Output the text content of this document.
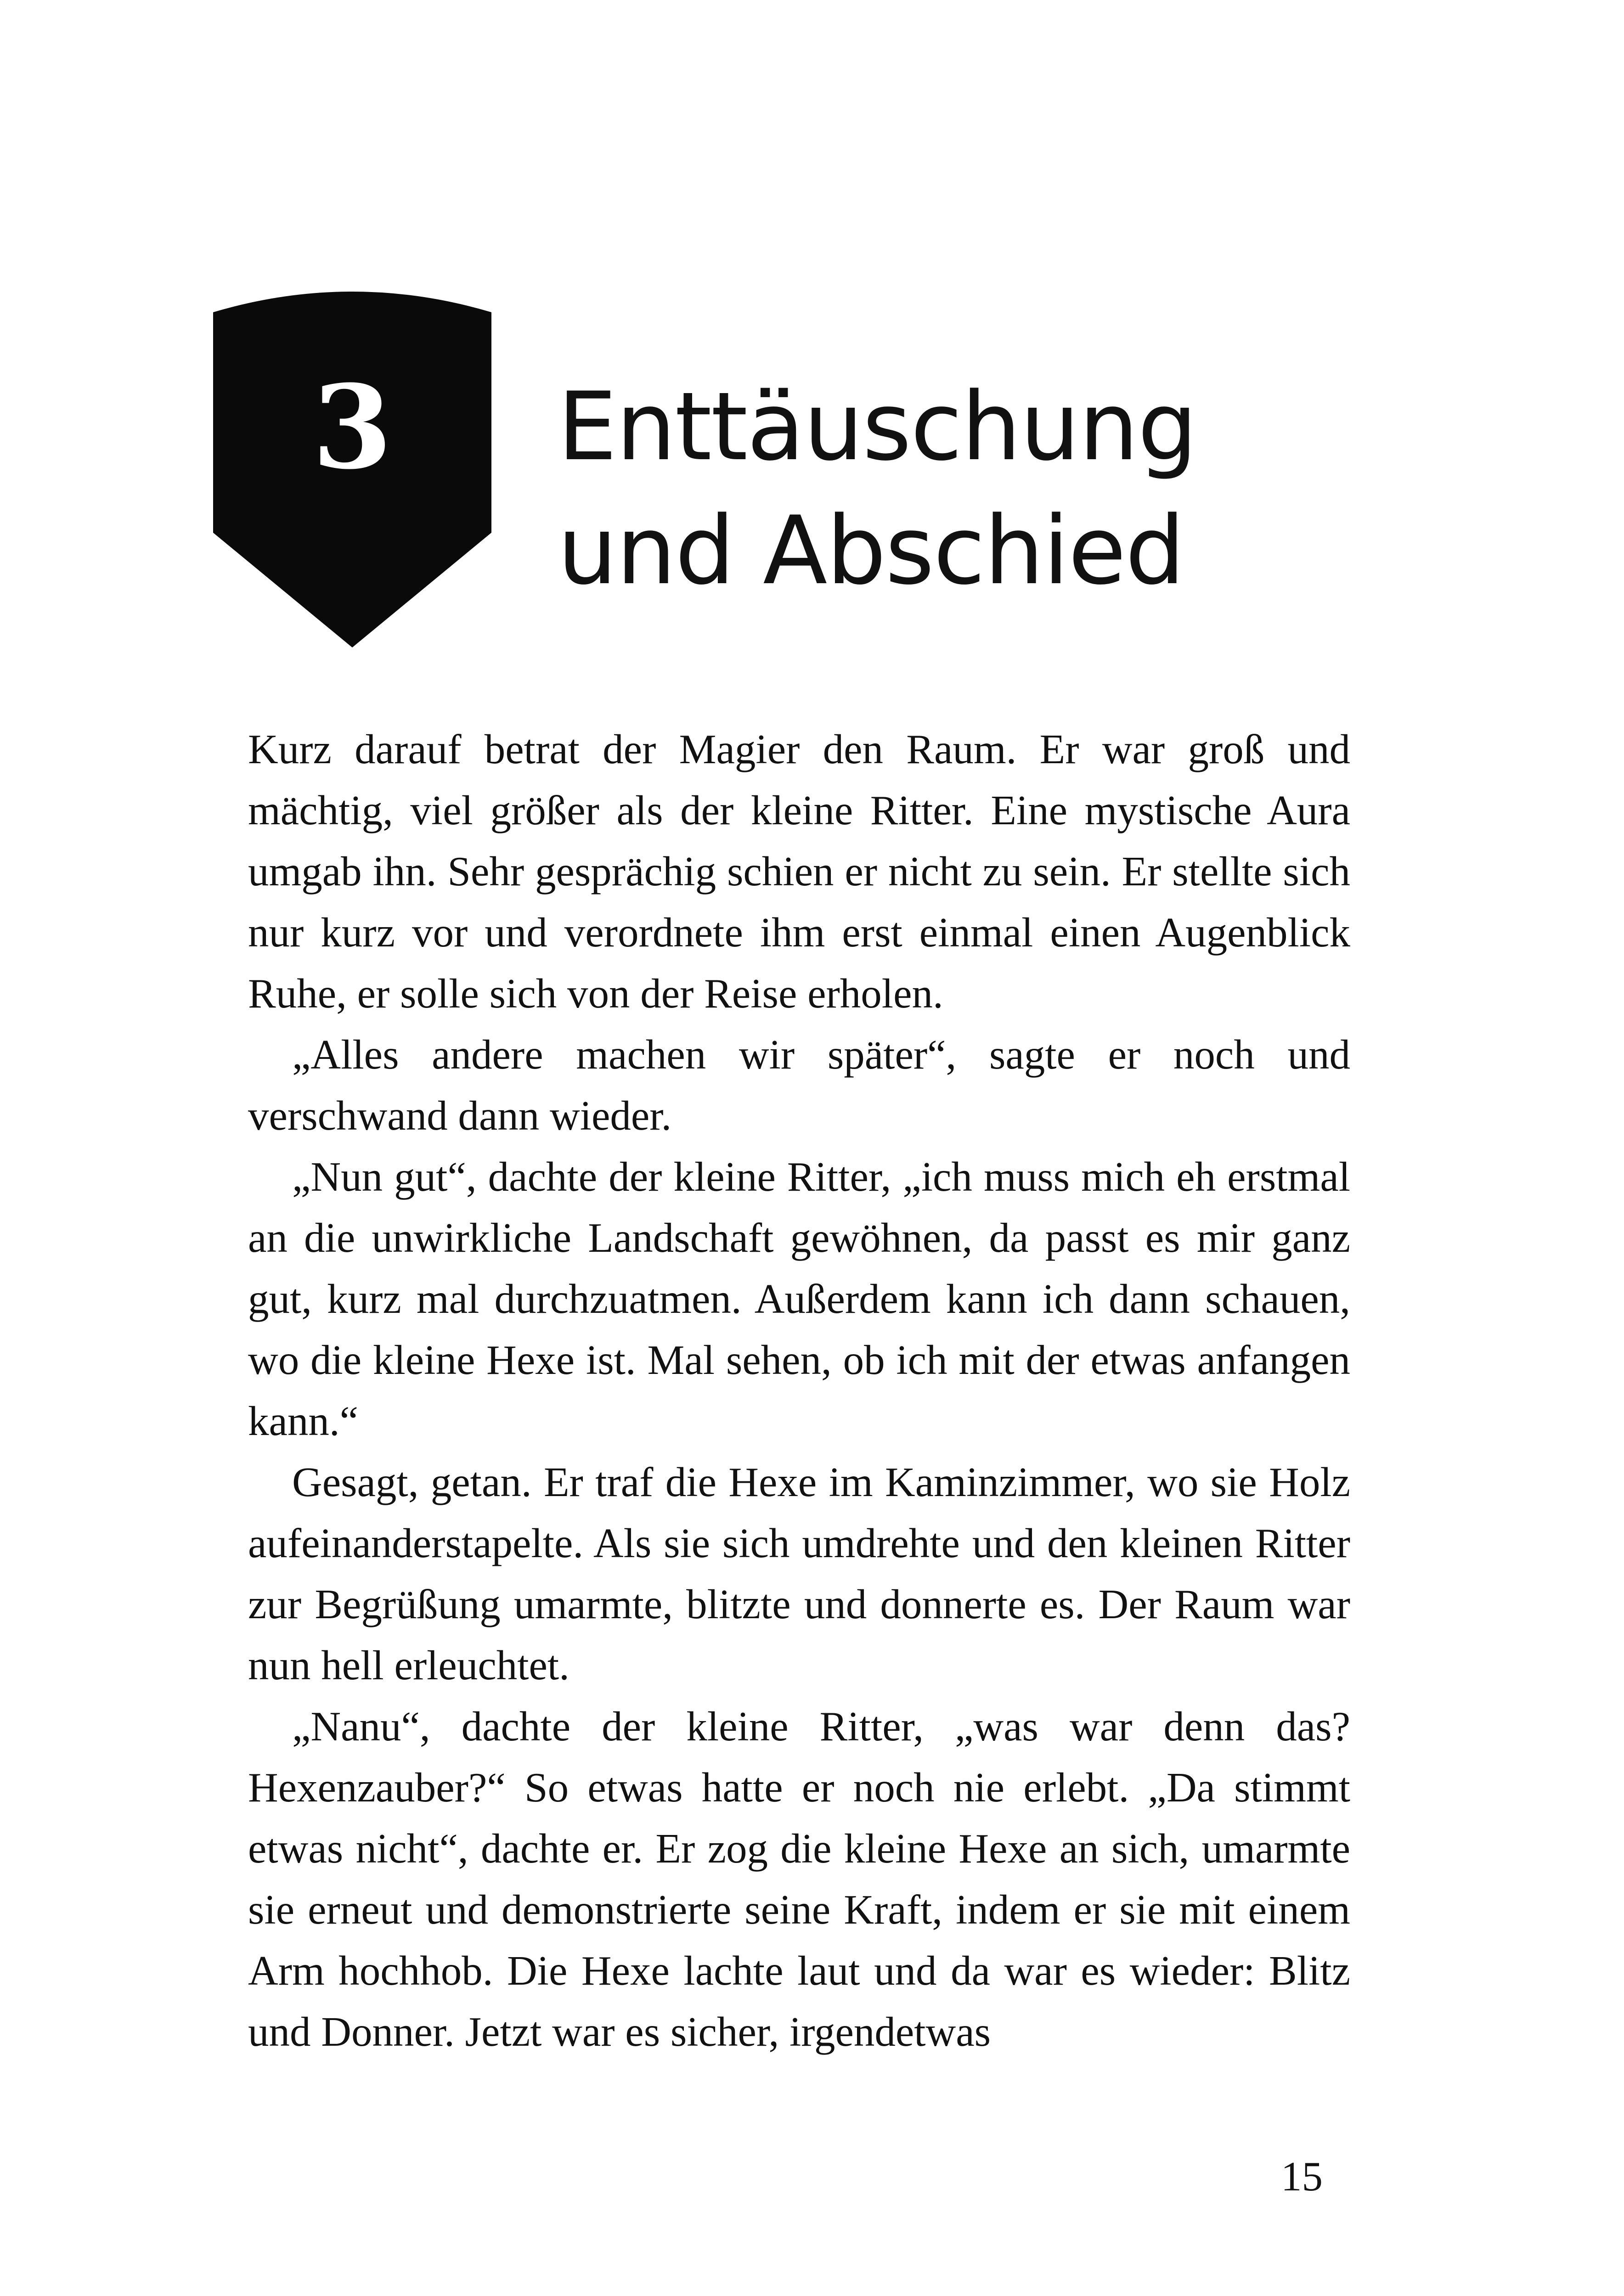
3	Enttäuschung
und Abschied

Kurz darauf betrat der Magier den Raum. Er war groß und mächtig, viel größer als der kleine Ritter. Eine mystische Aura umgab ihn. Sehr gesprächig schien er nicht zu sein. Er stellte sich nur kurz vor und verordnete ihm erst einmal einen Augenblick Ruhe, er solle sich von der Reise erholen.

„Alles andere machen wir später“, sagte er noch und verschwand dann wieder.

„Nun gut“, dachte der kleine Ritter, „ich muss mich eh erstmal an die unwirkliche Landschaft gewöhnen, da passt es mir ganz gut, kurz mal durchzuatmen. Außerdem kann ich dann schauen, wo die kleine Hexe ist. Mal sehen, ob ich mit der etwas anfangen kann.“

Gesagt, getan. Er traf die Hexe im Kaminzimmer, wo sie Holz aufeinanderstapelte. Als sie sich umdrehte und den kleinen Ritter zur Begrüßung umarmte, blitzte und donnerte es. Der Raum war nun hell erleuchtet.

„Nanu“, dachte der kleine Ritter, „was war denn das? Hexenzauber?“ So etwas hatte er noch nie erlebt. „Da stimmt etwas nicht“, dachte er. Er zog die kleine Hexe an sich, umarmte sie erneut und demonstrierte seine Kraft, indem er sie mit einem Arm hochhob. Die Hexe lachte laut und da war es wieder: Blitz und Donner. Jetzt war es sicher, irgendetwas

15
